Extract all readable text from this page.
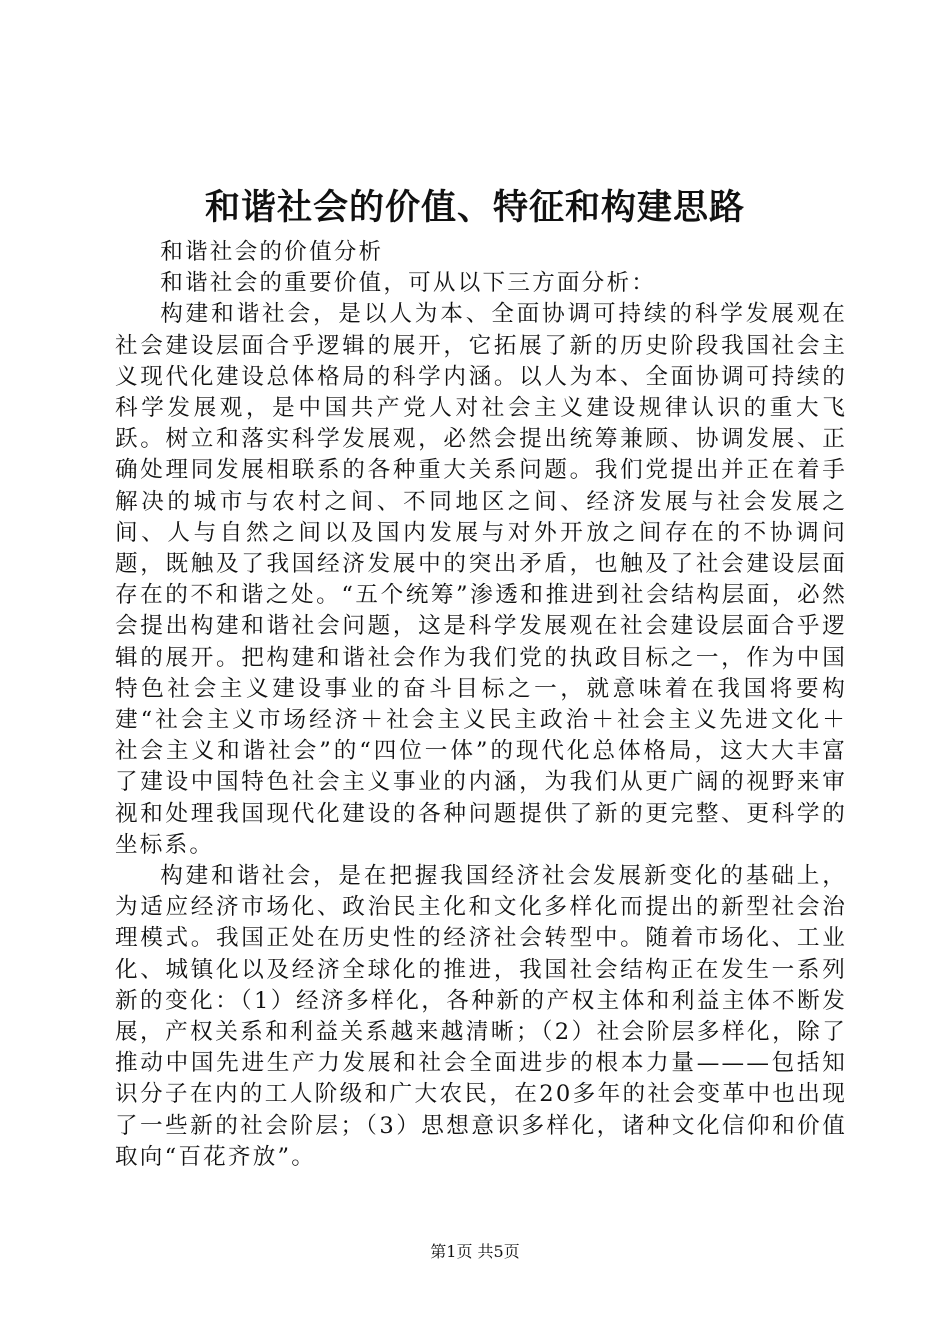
和谐社会的价值、特征和构建思路

和谐社会的价值分析

和谐社会的重要价值，可从以下三方面分析：

构建和谐社会，是以人为本、全面协调可持续的科学发展观在社会建设层面合乎逻辑的展开，它拓展了新的历史阶段我国社会主义现代化建设总体格局的科学内涵。以人为本、全面协调可持续的科学发展观，是中国共产党人对社会主义建设规律认识的重大飞跃。树立和落实科学发展观，必然会提出统筹兼顾、协调发展、正确处理同发展相联系的各种重大关系问题。我们党提出并正在着手解决的城市与农村之间、不同地区之间、经济发展与社会发展之间、人与自然之间以及国内发展与对外开放之间存在的不协调问题，既触及了我国经济发展中的突出矛盾，也触及了社会建设层面存在的不和谐之处。“五个统筹”渗透和推进到社会结构层面，必然会提出构建和谐社会问题，这是科学发展观在社会建设层面合乎逻辑的展开。把构建和谐社会作为我们党的执政目标之一，作为中国特色社会主义建设事业的奋斗目标之一，就意味着在我国将要构建“社会主义市场经济＋社会主义民主政治＋社会主义先进文化＋社会主义和谐社会”的“四位一体”的现代化总体格局，这大大丰富了建设中国特色社会主义事业的内涵，为我们从更广阔的视野来审视和处理我国现代化建设的各种问题提供了新的更完整、更科学的坐标系。

构建和谐社会，是在把握我国经济社会发展新变化的基础上，为适应经济市场化、政治民主化和文化多样化而提出的新型社会治理模式。我国正处在历史性的经济社会转型中。随着市场化、工业化、城镇化以及经济全球化的推进，我国社会结构正在发生一系列新的变化：（1）经济多样化，各种新的产权主体和利益主体不断发展，产权关系和利益关系越来越清晰；（2）社会阶层多样化，除了推动中国先进生产力发展和社会全面进步的根本力量———包括知识分子在内的工人阶级和广大农民，在20多年的社会变革中也出现了一些新的社会阶层；（3）思想意识多样化，诸种文化信仰和价值取向“百花齐放”。

第1页 共5页
